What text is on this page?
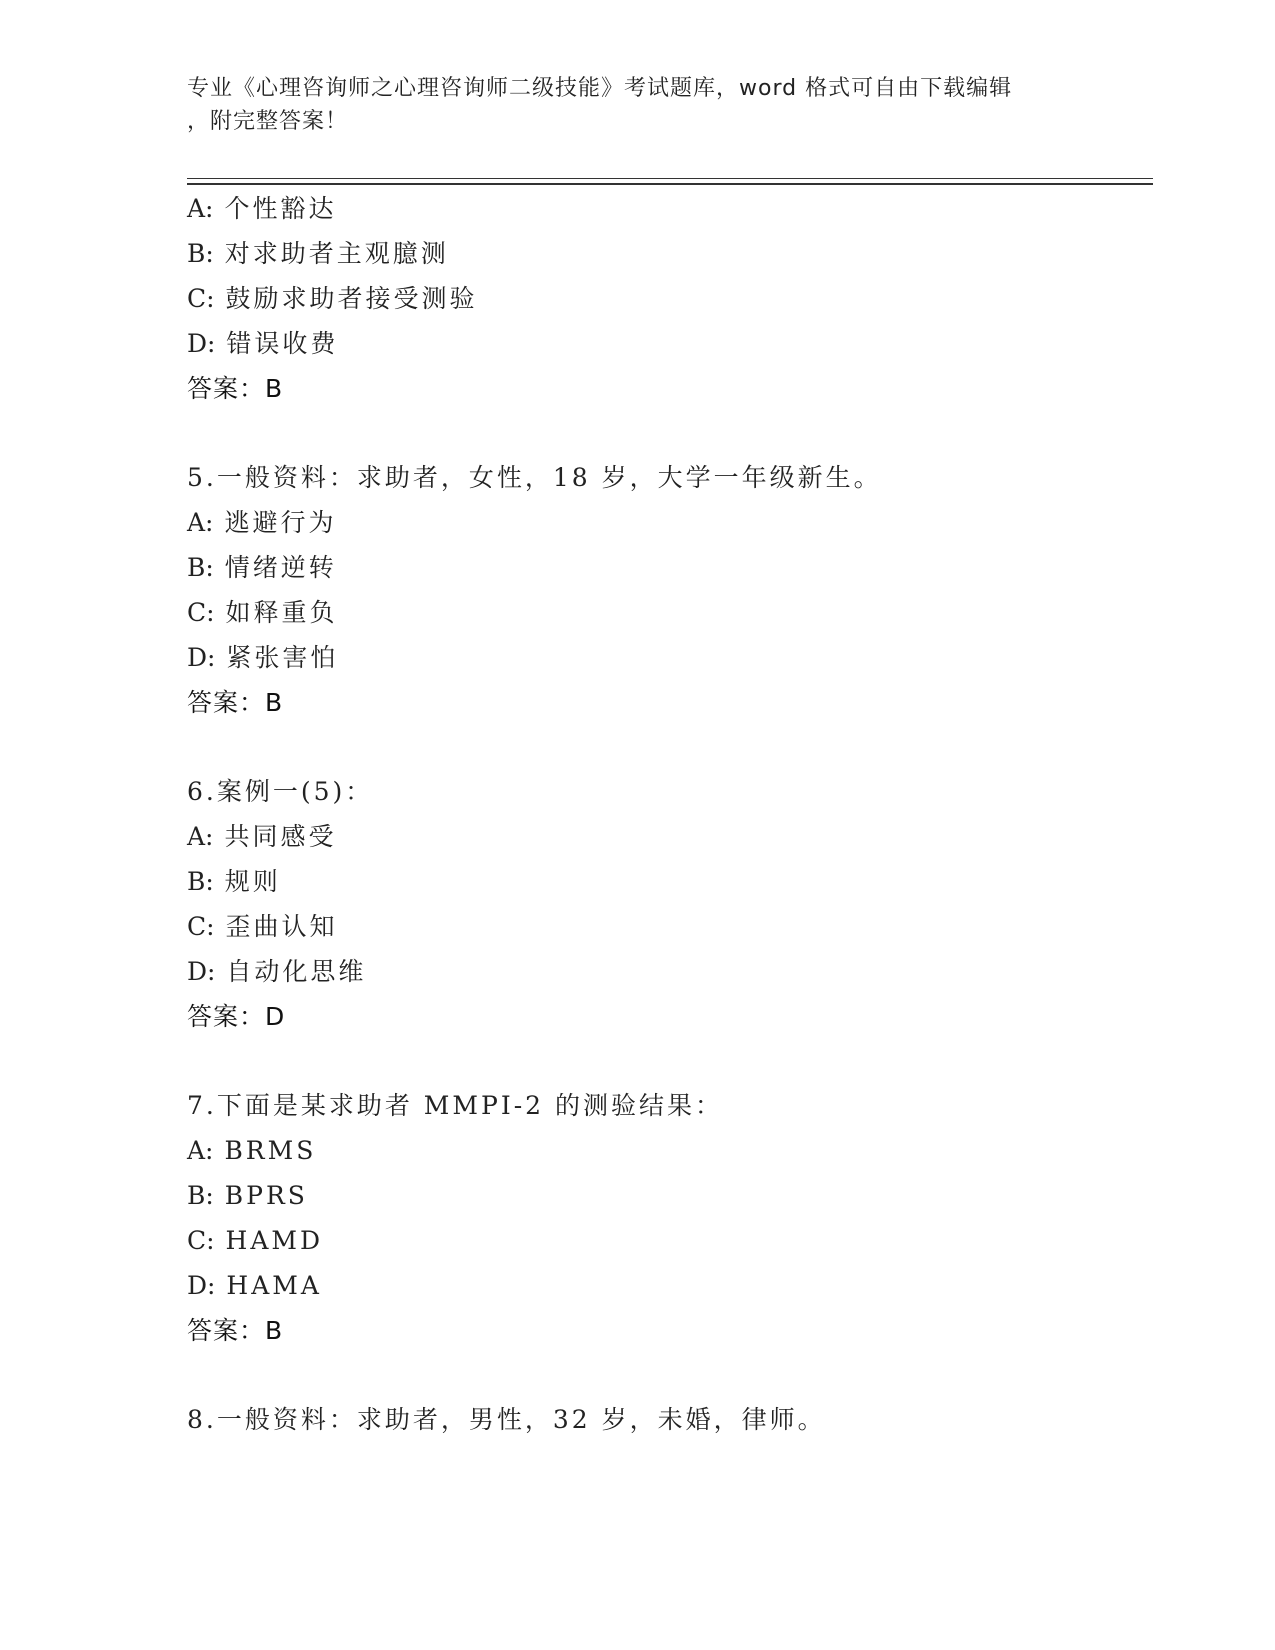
专业《心理咨询师之心理咨询师二级技能》考试题库，word 格式可自由下载编辑
，附完整答案！
A: 个性豁达
B: 对求助者主观臆测
C: 鼓励求助者接受测验
D: 错误收费
答案：B
5.一般资料：求助者，女性，18 岁，大学一年级新生。
A: 逃避行为
B: 情绪逆转
C: 如释重负
D: 紧张害怕
答案：B
6.案例一(5)：
A: 共同感受
B: 规则
C: 歪曲认知
D: 自动化思维
答案：D
7.下面是某求助者 MMPI-2 的测验结果：
A: BRMS
B: BPRS
C: HAMD
D: HAMA
答案：B
8.一般资料：求助者，男性，32 岁，未婚，律师。
